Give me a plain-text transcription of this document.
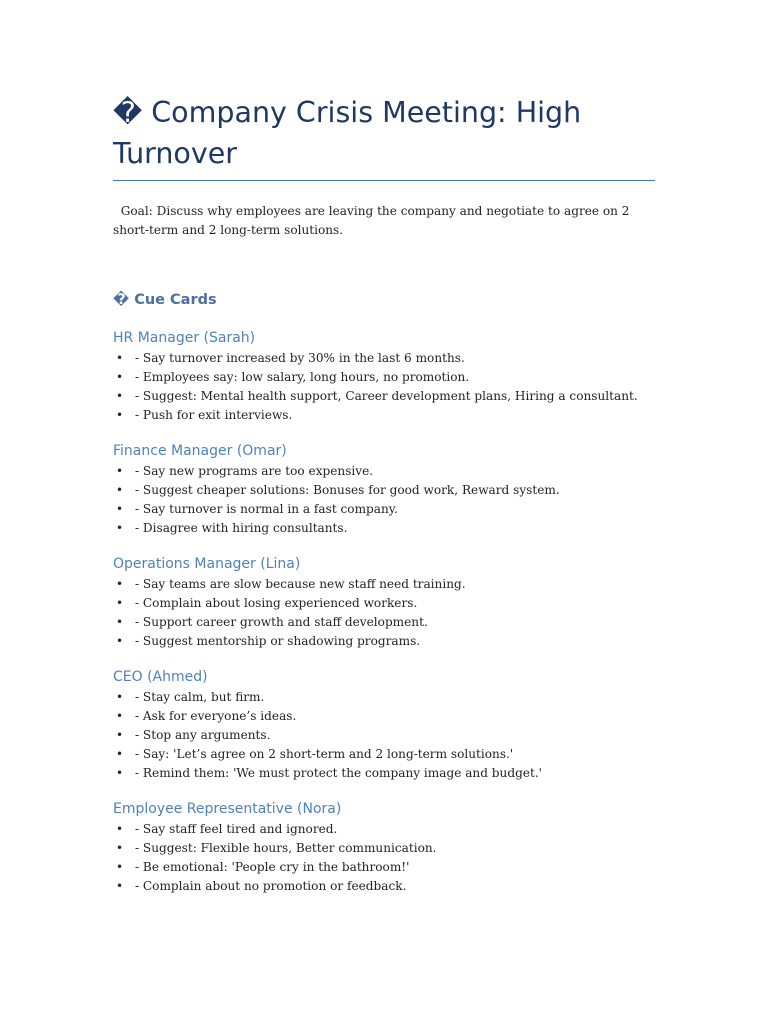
� Company Crisis Meeting: High Turnover

Goal: Discuss why employees are leaving the company and negotiate to agree on 2 short-term and 2 long-term solutions.

� Cue Cards
HR Manager (Sarah)
• - Say turnover increased by 30% in the last 6 months.
• - Employees say: low salary, long hours, no promotion.
• - Suggest: Mental health support, Career development plans, Hiring a consultant.
• - Push for exit interviews.
Finance Manager (Omar)
• - Say new programs are too expensive.
• - Suggest cheaper solutions: Bonuses for good work, Reward system.
• - Say turnover is normal in a fast company.
• - Disagree with hiring consultants.
Operations Manager (Lina)
• - Say teams are slow because new staff need training.
• - Complain about losing experienced workers.
• - Support career growth and staff development.
• - Suggest mentorship or shadowing programs.
CEO (Ahmed)
• - Stay calm, but firm.
• - Ask for everyone’s ideas.
• - Stop any arguments.
• - Say: 'Let’s agree on 2 short-term and 2 long-term solutions.'
• - Remind them: 'We must protect the company image and budget.'
Employee Representative (Nora)
• - Say staff feel tired and ignored.
• - Suggest: Flexible hours, Better communication.
• - Be emotional: 'People cry in the bathroom!'
• - Complain about no promotion or feedback.
